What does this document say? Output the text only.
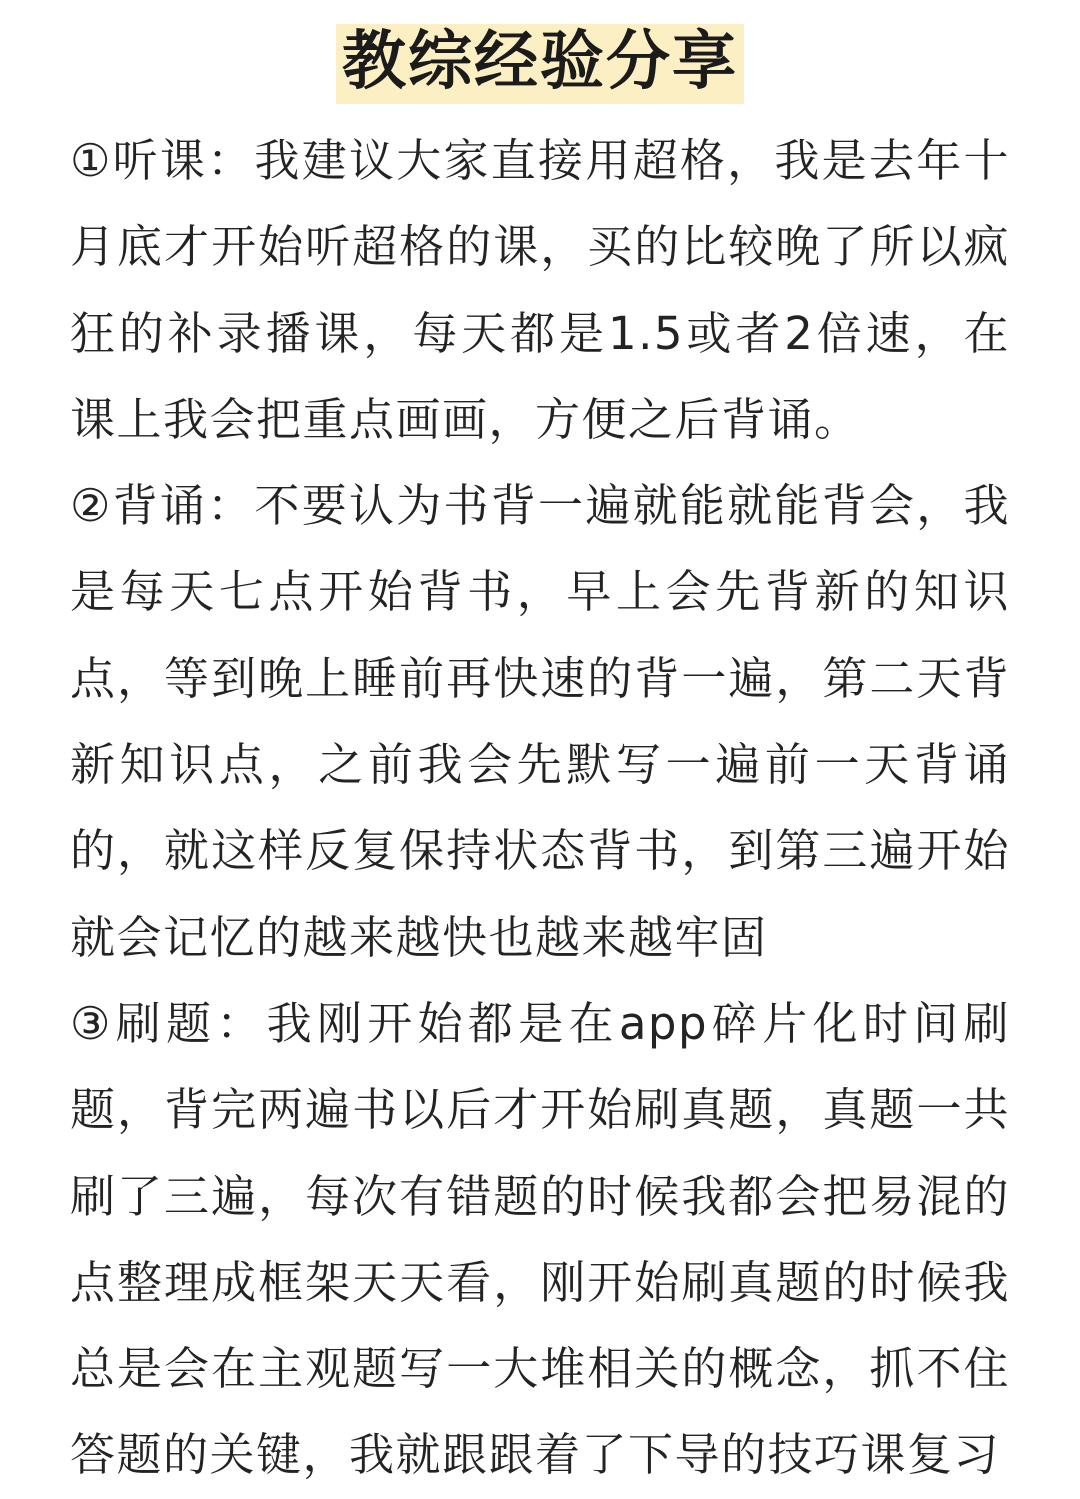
教综经验分享

①听课：我建议大家直接用超格，我是去年十月底才开始听超格的课，买的比较晚了所以疯狂的补录播课，每天都是1.5或者2倍速，在课上我会把重点画画，方便之后背诵。

②背诵：不要认为书背一遍就能就能背会，我是每天七点开始背书，早上会先背新的知识点，等到晚上睡前再快速的背一遍，第二天背新知识点，之前我会先默写一遍前一天背诵的，就这样反复保持状态背书，到第三遍开始就会记忆的越来越快也越来越牢固

③刷题：我刚开始都是在app碎片化时间刷题，背完两遍书以后才开始刷真题，真题一共刷了三遍，每次有错题的时候我都会把易混的点整理成框架天天看，刚开始刷真题的时候我总是会在主观题写一大堆相关的概念，抓不住答题的关键，我就跟跟着了下导的技巧课复习
